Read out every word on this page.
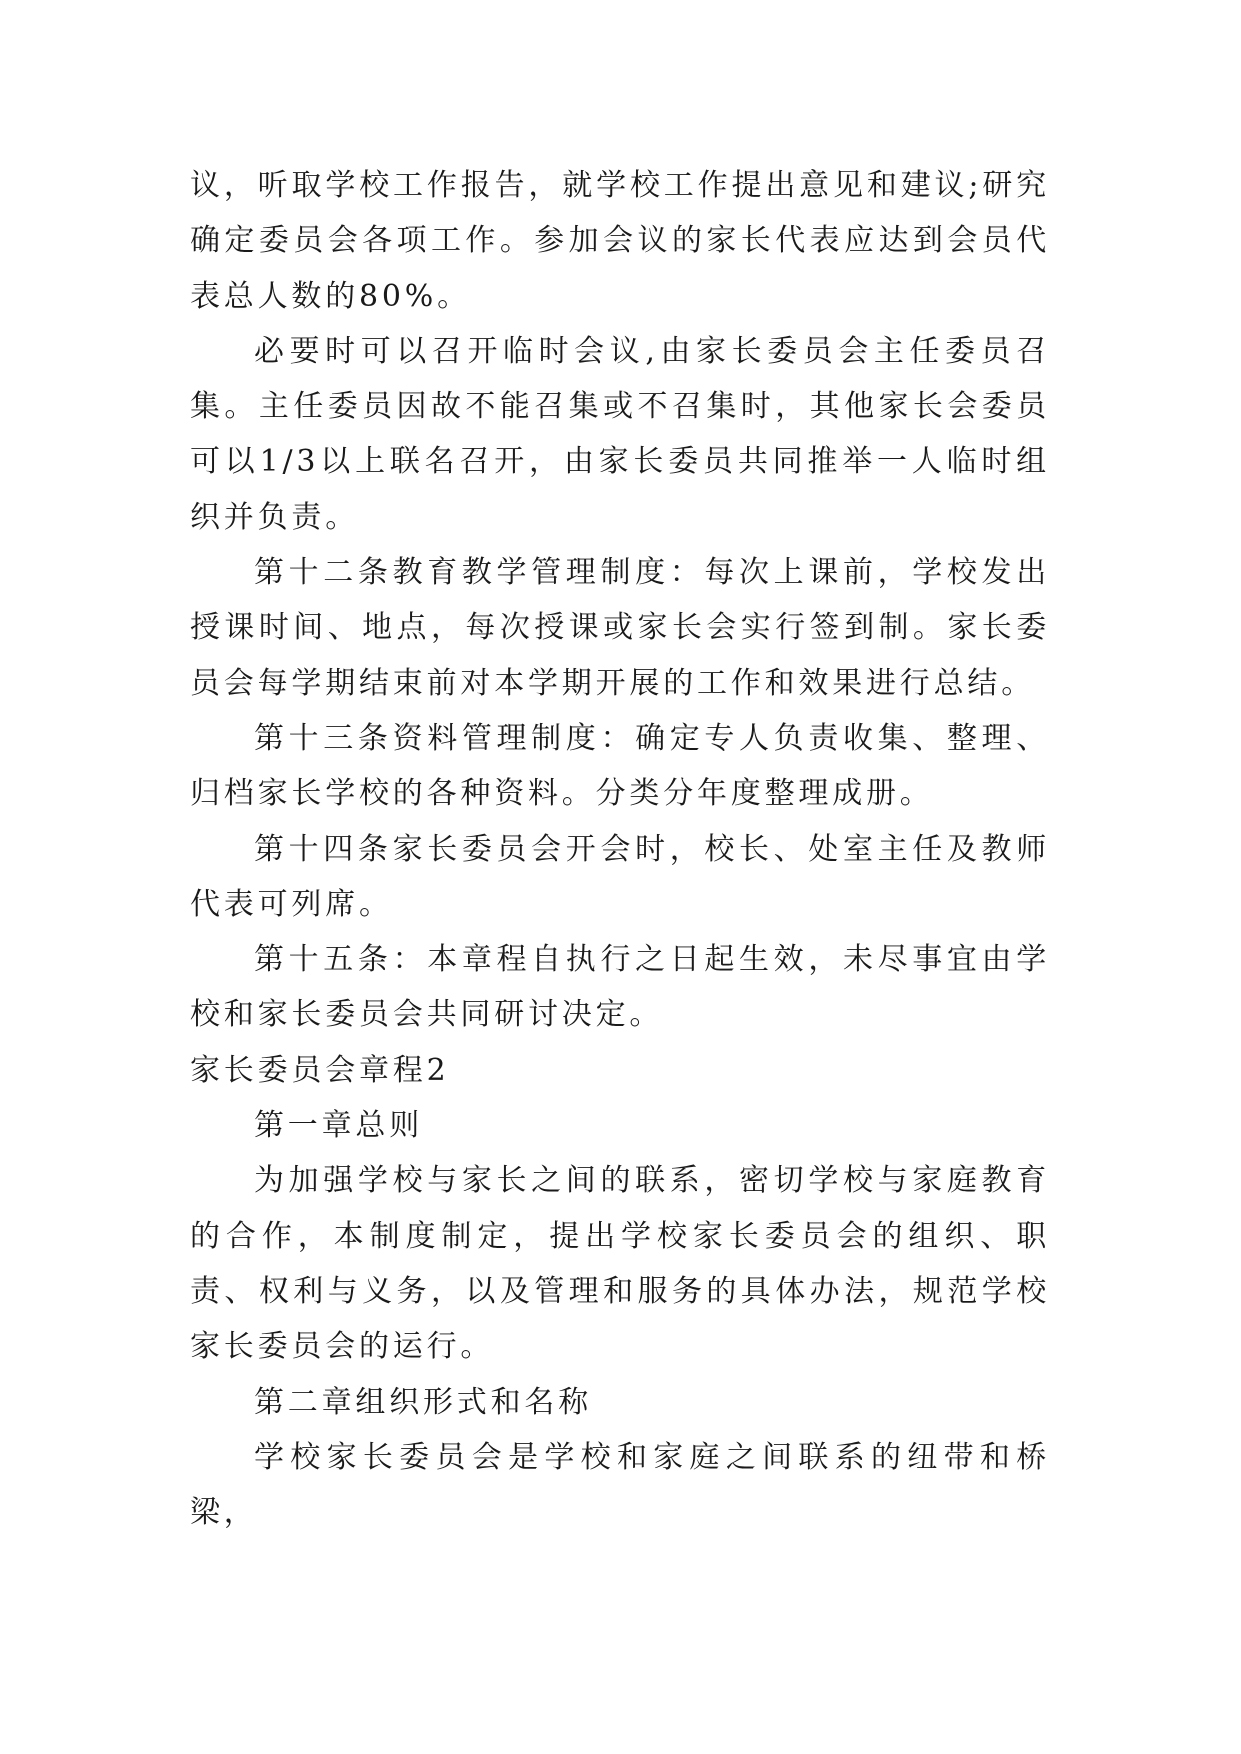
议，听取学校工作报告，就学校工作提出意见和建议;研究确定委员会各项工作。参加会议的家长代表应达到会员代表总人数的80%。

必要时可以召开临时会议,由家长委员会主任委员召集。主任委员因故不能召集或不召集时，其他家长会委员可以1/3以上联名召开，由家长委员共同推举一人临时组织并负责。

第十二条教育教学管理制度：每次上课前，学校发出授课时间、地点，每次授课或家长会实行签到制。家长委员会每学期结束前对本学期开展的工作和效果进行总结。

第十三条资料管理制度：确定专人负责收集、整理、归档家长学校的各种资料。分类分年度整理成册。

第十四条家长委员会开会时，校长、处室主任及教师代表可列席。

第十五条：本章程自执行之日起生效，未尽事宜由学校和家长委员会共同研讨决定。

家长委员会章程2

第一章总则

为加强学校与家长之间的联系，密切学校与家庭教育的合作，本制度制定，提出学校家长委员会的组织、职责、权利与义务，以及管理和服务的具体办法，规范学校家长委员会的运行。

第二章组织形式和名称

学校家长委员会是学校和家庭之间联系的纽带和桥梁，
